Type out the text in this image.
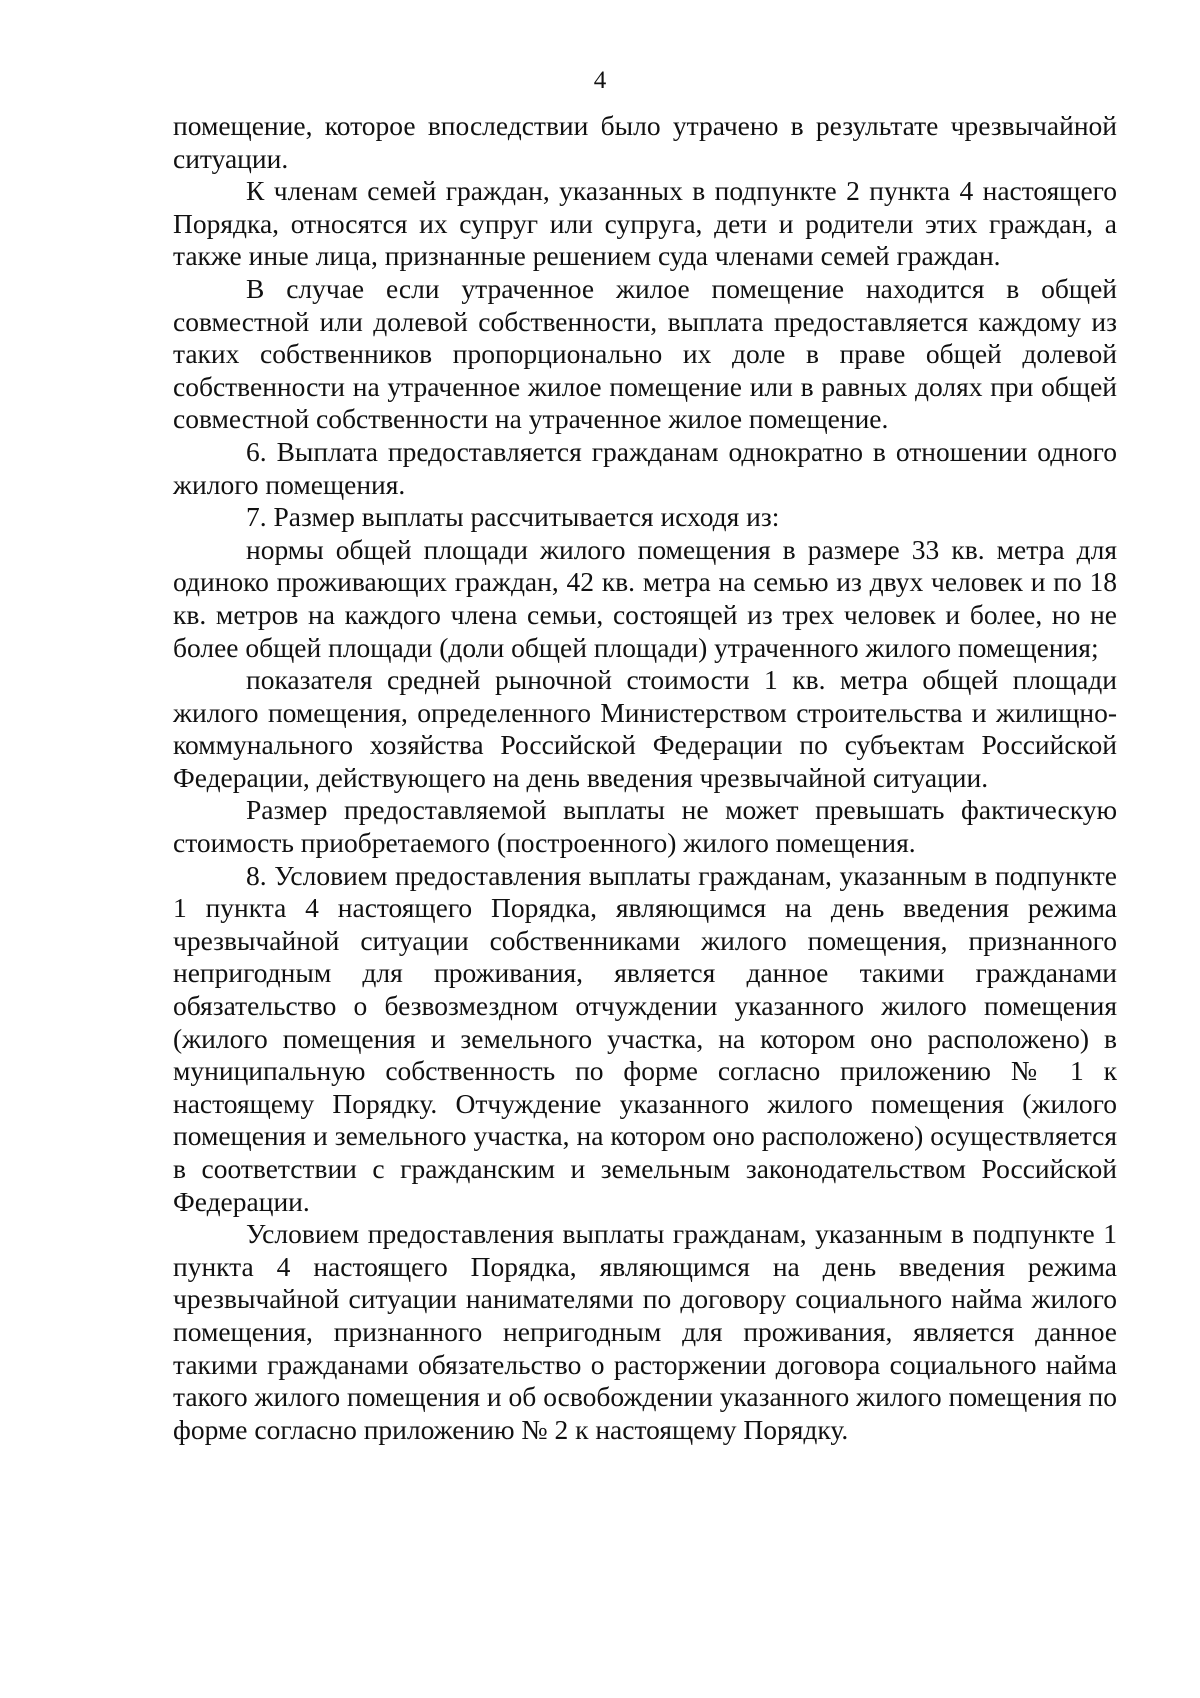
4

помещение, которое впоследствии было утрачено в результате чрезвычайной ситуации.

К членам семей граждан, указанных в подпункте 2 пункта 4 настоящего Порядка, относятся их супруг или супруга, дети и родители этих граждан, а также иные лица, признанные решением суда членами семей граждан.

В случае если утраченное жилое помещение находится в общей совместной или долевой собственности, выплата предоставляется каждому из таких собственников пропорционально их доле в праве общей долевой собственности на утраченное жилое помещение или в равных долях при общей совместной собственности на утраченное жилое помещение.

6. Выплата предоставляется гражданам однократно в отношении одного жилого помещения.

7. Размер выплаты рассчитывается исходя из:

нормы общей площади жилого помещения в размере 33 кв. метра для одиноко проживающих граждан, 42 кв. метра на семью из двух человек и по 18 кв. метров на каждого члена семьи, состоящей из трех человек и более, но не более общей площади (доли общей площади) утраченного жилого помещения;

показателя средней рыночной стоимости 1 кв. метра общей площади жилого помещения, определенного Министерством строительства и жилищно-коммунального хозяйства Российской Федерации по субъектам Российской Федерации, действующего на день введения чрезвычайной ситуации.

Размер предоставляемой выплаты не может превышать фактическую стоимость приобретаемого (построенного) жилого помещения.

8. Условием предоставления выплаты гражданам, указанным в подпункте 1 пункта 4 настоящего Порядка, являющимся на день введения режима чрезвычайной ситуации собственниками жилого помещения, признанного непригодным для проживания, является данное такими гражданами обязательство о безвозмездном отчуждении указанного жилого помещения (жилого помещения и земельного участка, на котором оно расположено) в муниципальную собственность по форме согласно приложению № 1 к настоящему Порядку. Отчуждение указанного жилого помещения (жилого помещения и земельного участка, на котором оно расположено) осуществляется в соответствии с гражданским и земельным законодательством Российской Федерации.

Условием предоставления выплаты гражданам, указанным в подпункте 1 пункта 4 настоящего Порядка, являющимся на день введения режима чрезвычайной ситуации нанимателями по договору социального найма жилого помещения, признанного непригодным для проживания, является данное такими гражданами обязательство о расторжении договора социального найма такого жилого помещения и об освобождении указанного жилого помещения по форме согласно приложению № 2 к настоящему Порядку.
